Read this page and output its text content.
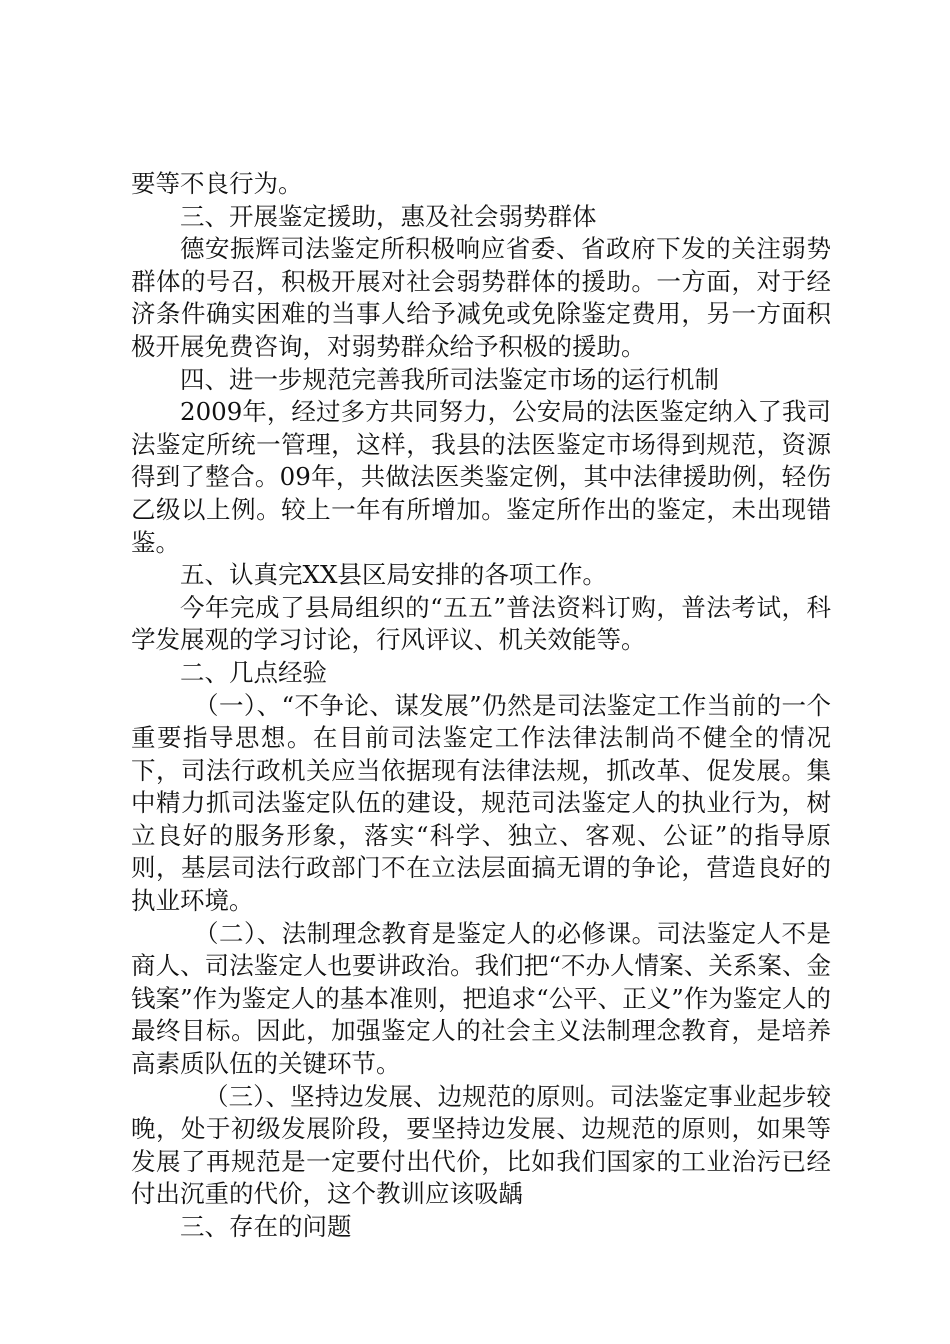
要等不良行为。

三、开展鉴定援助，惠及社会弱势群体

德安振辉司法鉴定所积极响应省委、省政府下发的关注弱势群体的号召，积极开展对社会弱势群体的援助。一方面，对于经济条件确实困难的当事人给予减免或免除鉴定费用，另一方面积极开展免费咨询，对弱势群众给予积极的援助。

四、进一步规范完善我所司法鉴定市场的运行机制

2009年，经过多方共同努力，公安局的法医鉴定纳入了我司法鉴定所统一管理，这样，我县的法医鉴定市场得到规范，资源得到了整合。09年，共做法医类鉴定例，其中法律援助例，轻伤乙级以上例。较上一年有所增加。鉴定所作出的鉴定，未出现错鉴。

五、认真完XX县区局安排的各项工作。

今年完成了县局组织的“五五”普法资料订购，普法考试，科学发展观的学习讨论，行风评议、机关效能等。

二、几点经验

（一）、“不争论、谋发展”仍然是司法鉴定工作当前的一个重要指导思想。在目前司法鉴定工作法律法制尚不健全的情况下，司法行政机关应当依据现有法律法规，抓改革、促发展。集中精力抓司法鉴定队伍的建设，规范司法鉴定人的执业行为，树立良好的服务形象，落实“科学、独立、客观、公证”的指导原则，基层司法行政部门不在立法层面搞无谓的争论，营造良好的执业环境。

（二）、法制理念教育是鉴定人的必修课。司法鉴定人不是商人、司法鉴定人也要讲政治。我们把“不办人情案、关系案、金钱案”作为鉴定人的基本准则，把追求“公平、正义”作为鉴定人的最终目标。因此，加强鉴定人的社会主义法制理念教育，是培养高素质队伍的关键环节。

（三）、坚持边发展、边规范的原则。司法鉴定事业起步较晚，处于初级发展阶段，要坚持边发展、边规范的原则，如果等发展了再规范是一定要付出代价，比如我们国家的工业治污已经付出沉重的代价，这个教训应该吸龋

三、存在的问题
